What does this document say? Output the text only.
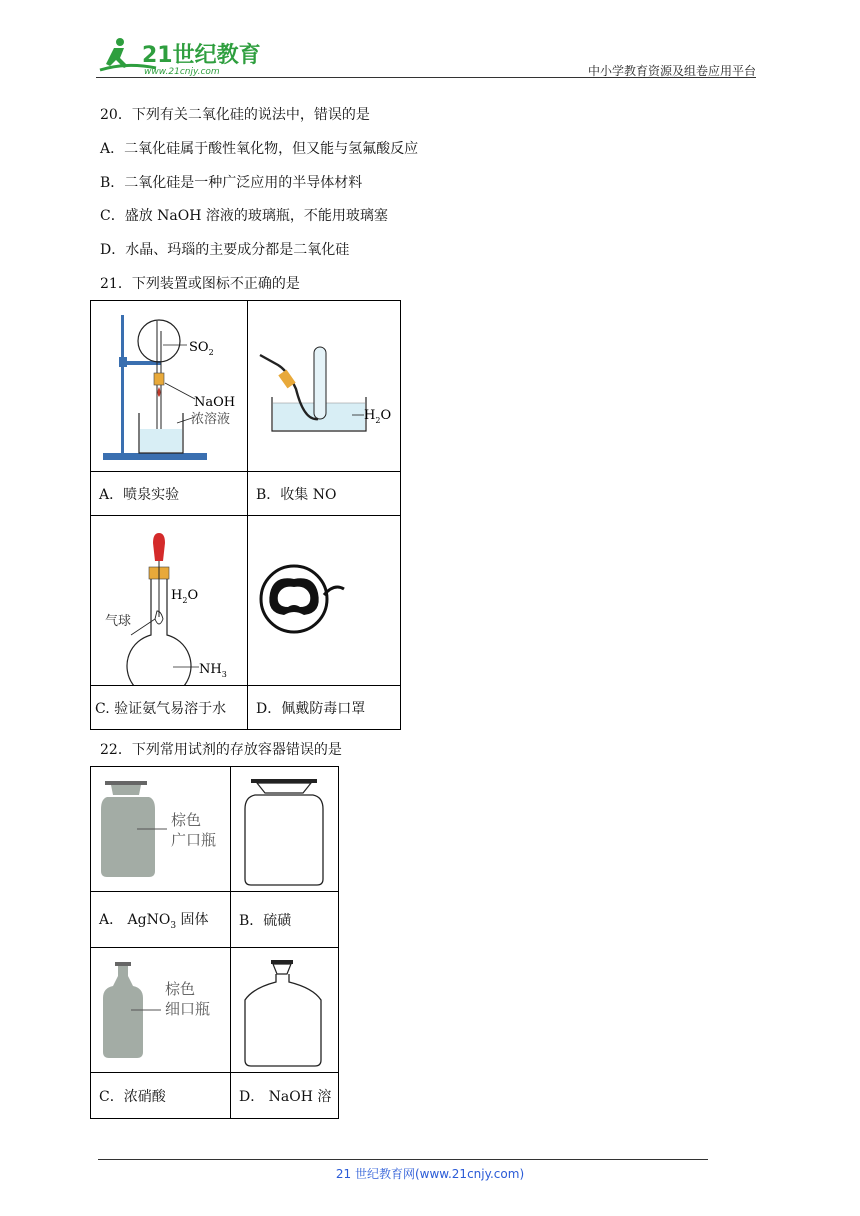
21世纪教育
www.21cnjy.com	中小学教育资源及组卷应用平台
20．下列有关二氧化硅的说法中，错误的是
A．二氧化硅属于酸性氧化物，但又能与氢氟酸反应
B．二氧化硅是一种广泛应用的半导体材料
C．盛放 NaOH 溶液的玻璃瓶，不能用玻璃塞
D．水晶、玛瑙的主要成分都是二氧化硅
21．下列装置或图标不正确的是
$SO_2$
NaOH
浓溶液	$H_2O$

A．喷泉实验	B．收集 NO

$H_2O$
气球
$NH_3$

C. 验证氨气易溶于水	D．佩戴防毒口罩
22．下列常用试剂的存放容器错误的是
棕色
广口瓶

A． AgNO$_3$ 固体	B．硫磺

棕色
细口瓶

C．浓硝酸	D． NaOH 溶
21 世纪教育网(www.21cnjy.com)
